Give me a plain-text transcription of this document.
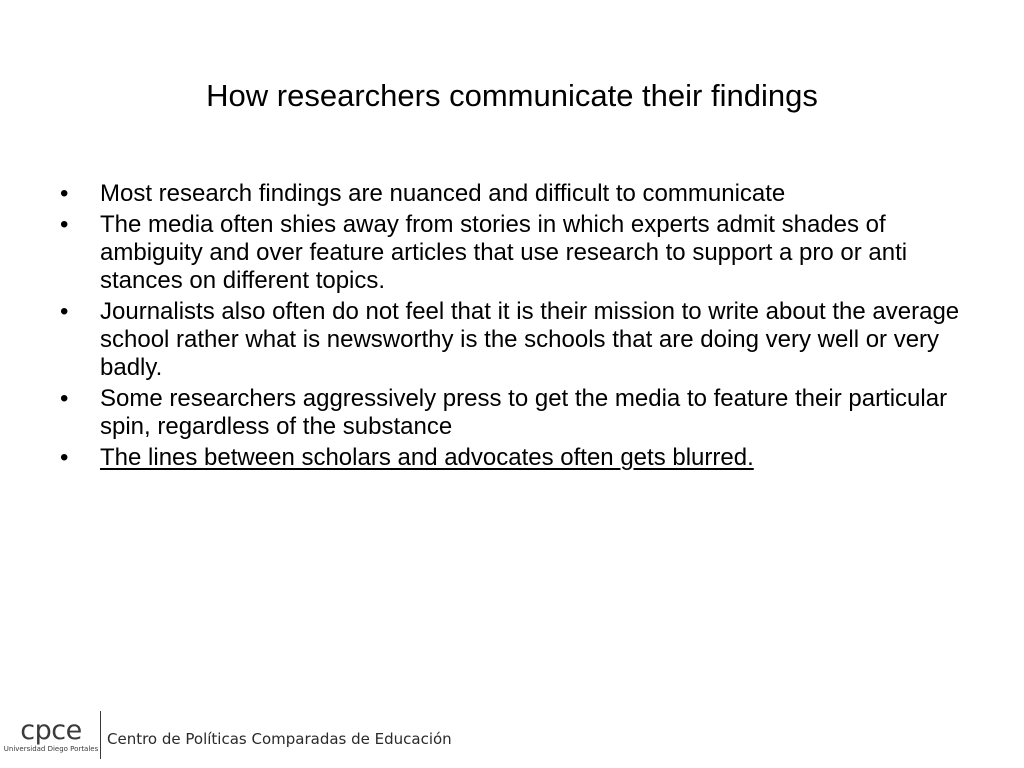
How researchers communicate their findings
•	Most research findings are nuanced and difficult to communicate
•	The media often shies away from stories in which experts admit shades of ambiguity and over feature articles that use research to support a pro or anti stances on different topics.
•	Journalists also often do not feel that it is their mission to write about the average school rather what is newsworthy is the schools that are doing very well or very badly.
•	Some researchers aggressively press to get the media to feature their particular spin, regardless of the substance
•	The lines between scholars and advocates often gets blurred.
cpce
Universidad Diego Portales
Centro de Políticas Comparadas de Educación
